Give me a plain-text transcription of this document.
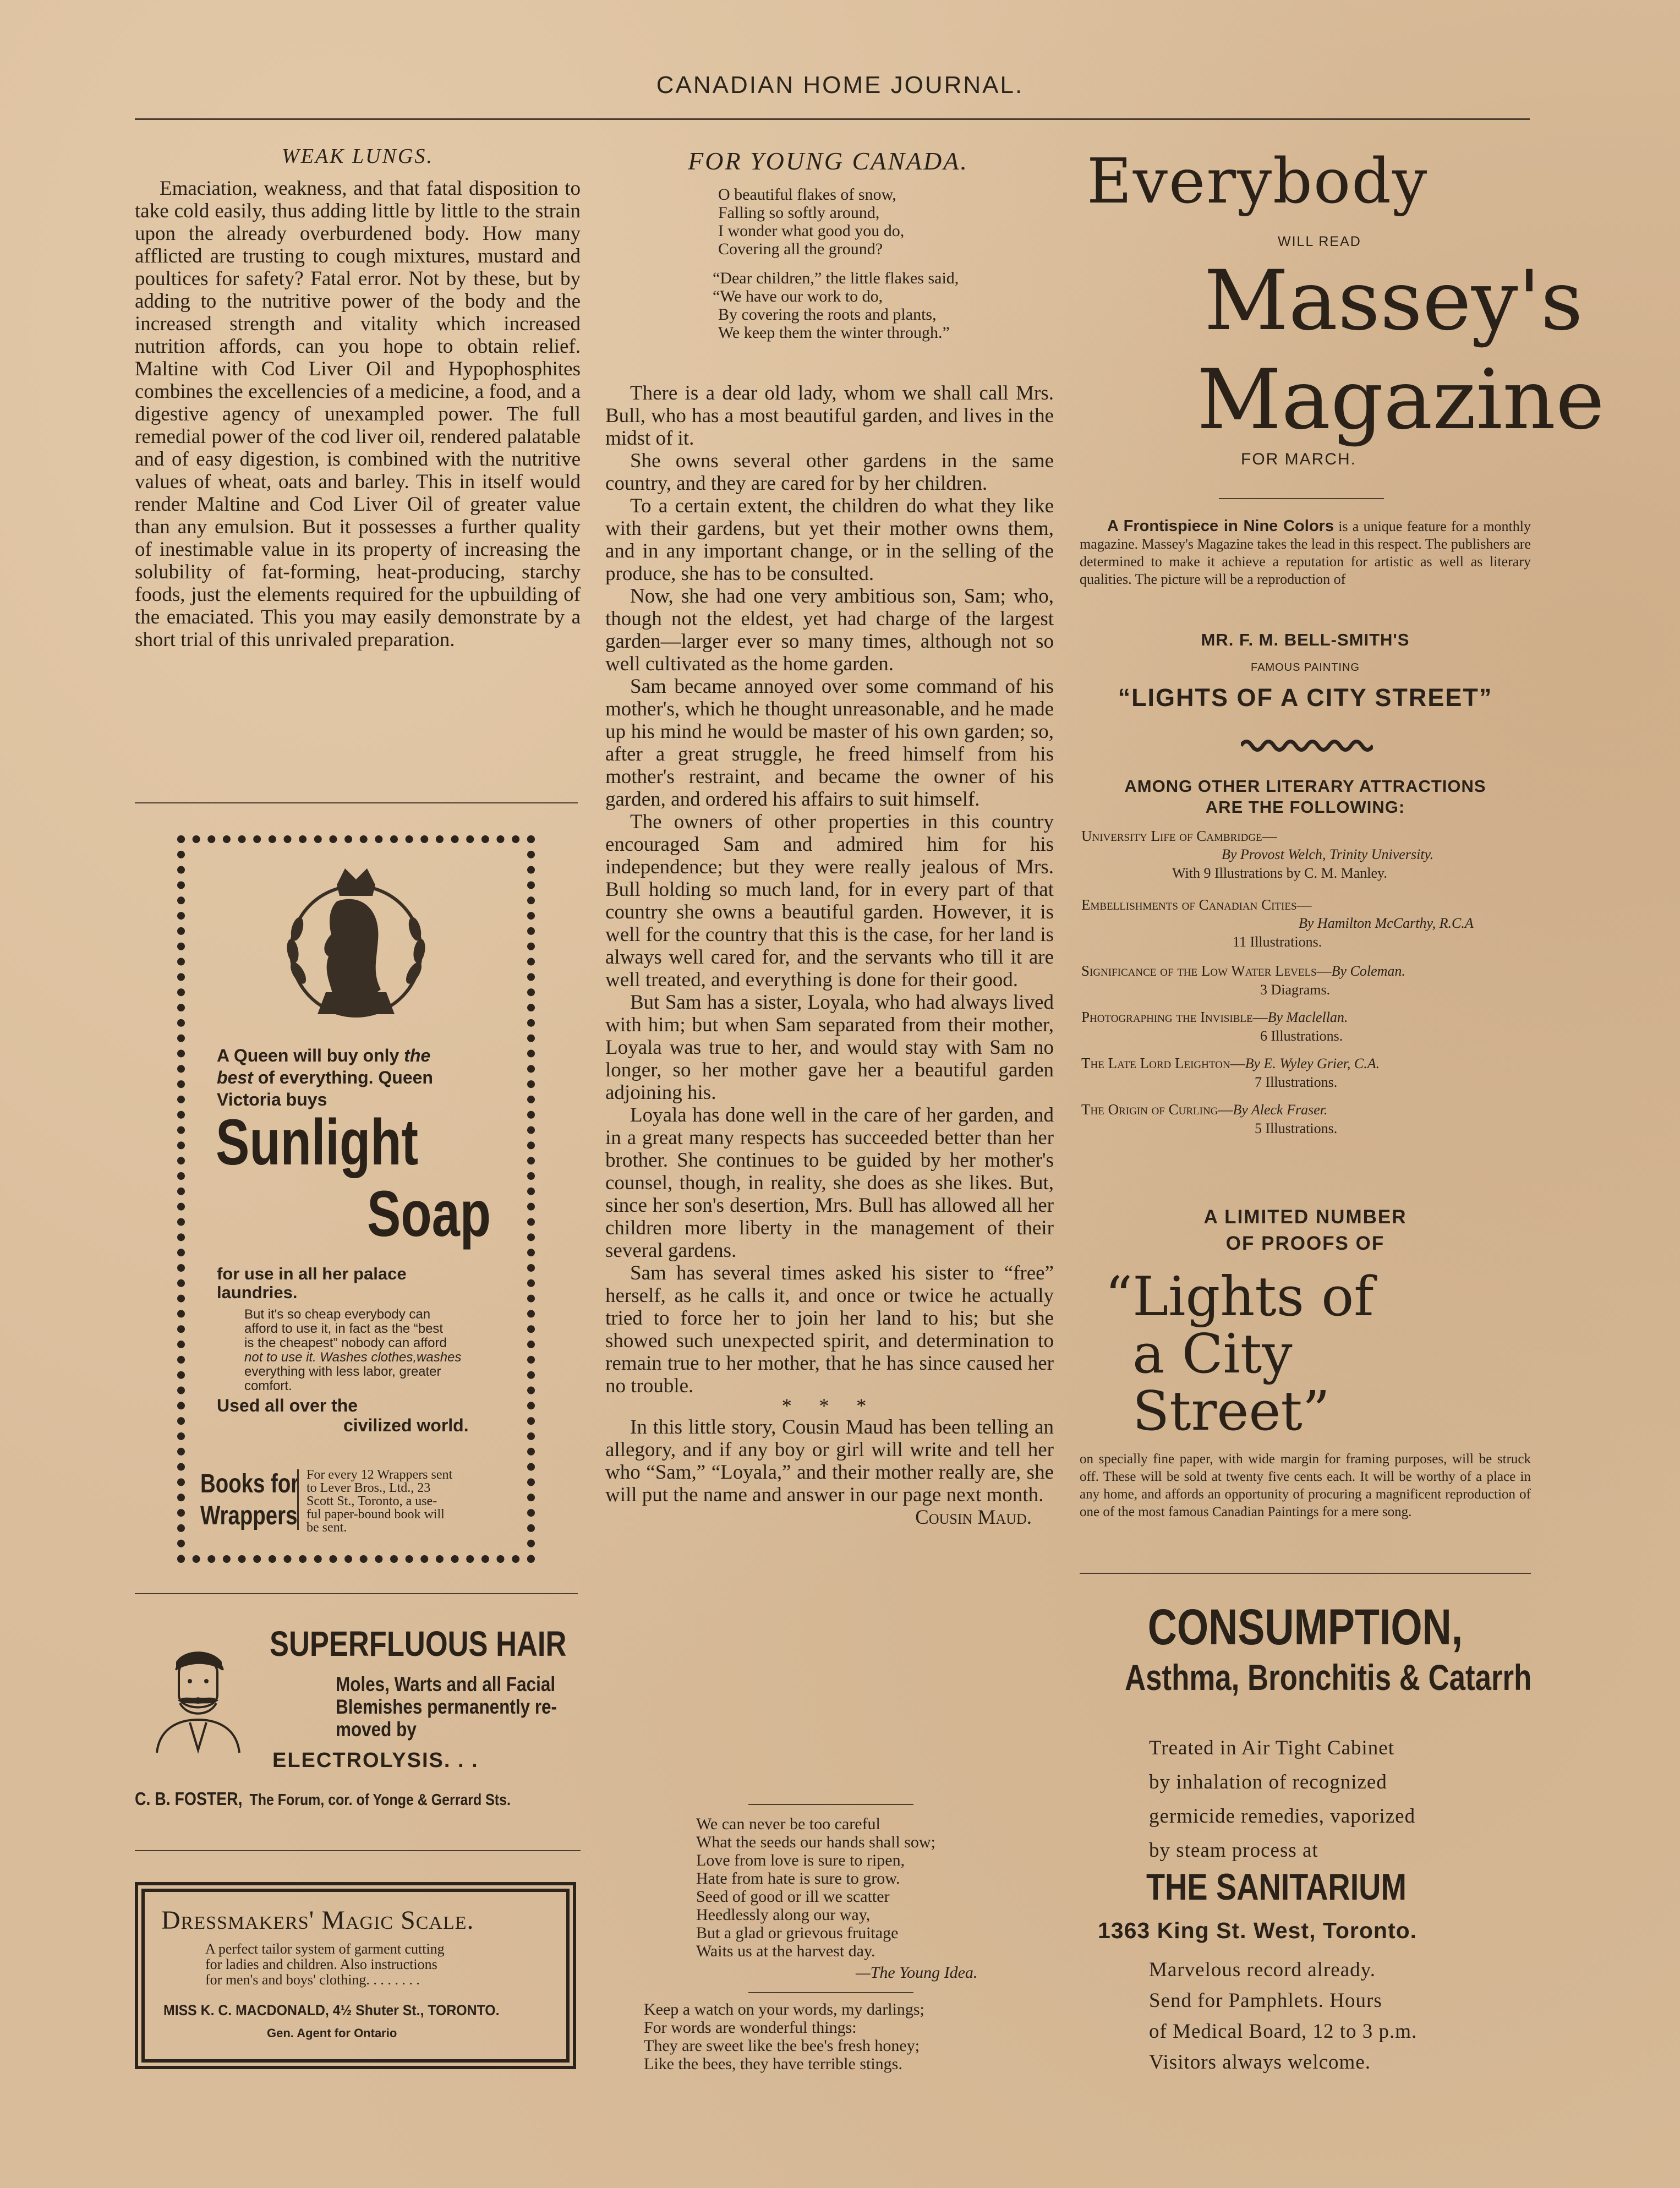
CANADIAN HOME JOURNAL.
WEAK LUNGS.

Emaciation, weakness, and that fatal disposition to take cold easily, thus adding little by little to the strain upon the already overburdened body. How many afflicted are trusting to cough mixtures, mustard and poultices for safety? Fatal error. Not by these, but by adding to the nutritive power of the body and the increased strength and vitality which increased nutrition affords, can you hope to obtain relief. Maltine with Cod Liver Oil and Hypophosphites combines the excellencies of a medicine, a food, and a digestive agency of unexampled power. The full remedial power of the cod liver oil, rendered palatable and of easy digestion, is combined with the nutritive values of wheat, oats and barley. This in itself would render Maltine and Cod Liver Oil of greater value than any emulsion. But it possesses a further quality of inestimable value in its property of increasing the solubility of fat-forming, heat-producing, starchy foods, just the elements required for the upbuilding of the emaciated. This you may easily demonstrate by a short trial of this unrivaled preparation.

A Queen will buy only the
best of everything. Queen
Victoria buys
Sunlight
Soap
for use in all her palace
laundries.
But it's so cheap everybody can
afford to use it, in fact as the “best
is the cheapest” nobody can afford
not to use it. Washes clothes,washes
everything with less labor, greater
comfort.
Used all over the
civilized world.
Books for
Wrappers
For every 12 Wrappers sent
to Lever Bros., Ltd., 23
Scott St., Toronto, a use-
ful paper-bound book will
be sent.
SUPERFLUOUS HAIR
Moles, Warts and all Facial
Blemishes permanently re-
moved by
ELECTROLYSIS. . .
C. B. FOSTER, The Forum, cor. of Yonge & Gerrard Sts.
Dressmakers' Magic Scale.
A perfect tailor system of garment cutting
for ladies and children. Also instructions
for men's and boys' clothing. . . . . . . .
MISS K. C. MACDONALD, 4½ Shuter St., TORONTO.
Gen. Agent for Ontario
FOR YOUNG CANADA.
O beautiful flakes of snow,
Falling so softly around,
I wonder what good you do,
Covering all the ground?
“Dear children,” the little flakes said,
“We have our work to do,
By covering the roots and plants,
We keep them the winter through.”

There is a dear old lady, whom we shall call Mrs. Bull, who has a most beautiful garden, and lives in the midst of it.

She owns several other gardens in the same country, and they are cared for by her children.

To a certain extent, the children do what they like with their gardens, but yet their mother owns them, and in any important change, or in the selling of the produce, she has to be consulted.

Now, she had one very ambitious son, Sam; who, though not the eldest, yet had charge of the largest garden—larger ever so many times, although not so well cultivated as the home garden.

Sam became annoyed over some command of his mother's, which he thought unreasonable, and he made up his mind he would be master of his own garden; so, after a great struggle, he freed himself from his mother's restraint, and became the owner of his garden, and ordered his affairs to suit himself.

The owners of other properties in this country encouraged Sam and admired him for his independence; but they were really jealous of Mrs. Bull holding so much land, for in every part of that country she owns a beautiful garden. However, it is well for the country that this is the case, for her land is always well cared for, and the servants who till it are well treated, and everything is done for their good.

But Sam has a sister, Loyala, who had always lived with him; but when Sam separated from their mother, Loyala was true to her, and would stay with Sam no longer, so her mother gave her a beautiful garden adjoining his.

Loyala has done well in the care of her garden, and in a great many respects has succeeded better than her brother. She continues to be guided by her mother's counsel, though, in reality, she does as she likes. But, since her son's desertion, Mrs. Bull has allowed all her children more liberty in the management of their several gardens.

Sam has several times asked his sister to “free” herself, as he calls it, and once or twice he actually tried to force her to join her land to his; but she showed such unexpected spirit, and determination to remain true to her mother, that he has since caused her no trouble.

* * *

In this little story, Cousin Maud has been telling an allegory, and if any boy or girl will write and tell her who “Sam,” “Loyala,” and their mother really are, she will put the name and answer in our page next month.

Cousin Maud.
We can never be too careful
What the seeds our hands shall sow;
Love from love is sure to ripen,
Hate from hate is sure to grow.
Seed of good or ill we scatter
Heedlessly along our way,
But a glad or grievous fruitage
Waits us at the harvest day.
—The Young Idea.
Keep a watch on your words, my darlings;
For words are wonderful things:
They are sweet like the bee's fresh honey;
Like the bees, they have terrible stings.
Everybody
WILL READ
Massey's
Magazine
FOR MARCH.
A Frontispiece in Nine Colors is a unique feature for a monthly magazine. Massey's Magazine takes the lead in this respect. The publishers are determined to make it achieve a reputation for artistic as well as literary qualities. The picture will be a reproduction of
MR. F. M. BELL-SMITH'S
FAMOUS PAINTING
“LIGHTS OF A CITY STREET”
AMONG OTHER LITERARY ATTRACTIONS
ARE THE FOLLOWING:
University Life of Cambridge—
By Provost Welch, Trinity University.
With 9 Illustrations by C. M. Manley.
Embellishments of Canadian Cities—
By Hamilton McCarthy, R.C.A
11 Illustrations.
Significance of the Low Water Levels—By Coleman.
3 Diagrams.
Photographing the Invisible—By Maclellan.
6 Illustrations.
The Late Lord Leighton—By E. Wyley Grier, C.A.
7 Illustrations.
The Origin of Curling—By Aleck Fraser.
5 Illustrations.
A LIMITED NUMBER
OF PROOFS OF
“Lights of
a City
Street”
on specially fine paper, with wide margin for framing purposes, will be struck off. These will be sold at twenty five cents each. It will be worthy of a place in any home, and affords an opportunity of procuring a magnificent reproduction of one of the most famous Canadian Paintings for a mere song.
CONSUMPTION,
Asthma, Bronchitis & Catarrh
Treated in Air Tight Cabinet
by inhalation of recognized
germicide remedies, vaporized
by steam process at
THE SANITARIUM
1363 King St. West, Toronto.
Marvelous record already.
Send for Pamphlets. Hours
of Medical Board, 12 to 3 p.m.
Visitors always welcome.
